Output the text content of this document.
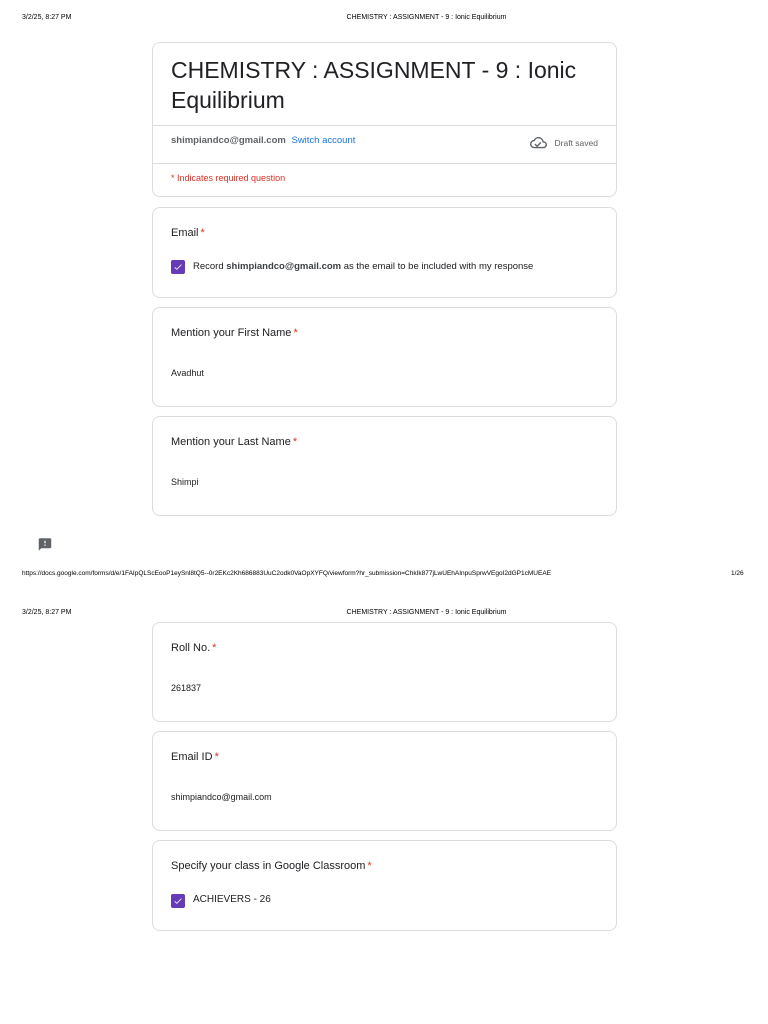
3/2/25, 8:27 PM	CHEMISTRY : ASSIGNMENT - 9 : Ionic Equilibrium
CHEMISTRY : ASSIGNMENT - 9 : Ionic Equilibrium
shimpiandco@gmail.com Switch account	Draft saved
* Indicates required question
Email *
Record shimpiandco@gmail.com as the email to be included with my response
Mention your First Name *
Avadhut
Mention your Last Name *
Shimpi
https://docs.google.com/forms/d/e/1FAIpQLScEooP1eySnl8tQ5--0r2EKc2Kh686883UuC2odk0VaOpXYFQ/viewform?hr_submission=ChkIk877jLwUEhAInpuSprwVEgoI2dGP1cMUEAE	1/26
3/2/25, 8:27 PM	CHEMISTRY : ASSIGNMENT - 9 : Ionic Equilibrium
Roll No. *
261837
Email ID *
shimpiandco@gmail.com
Specify your class in Google Classroom *
ACHIEVERS - 26
